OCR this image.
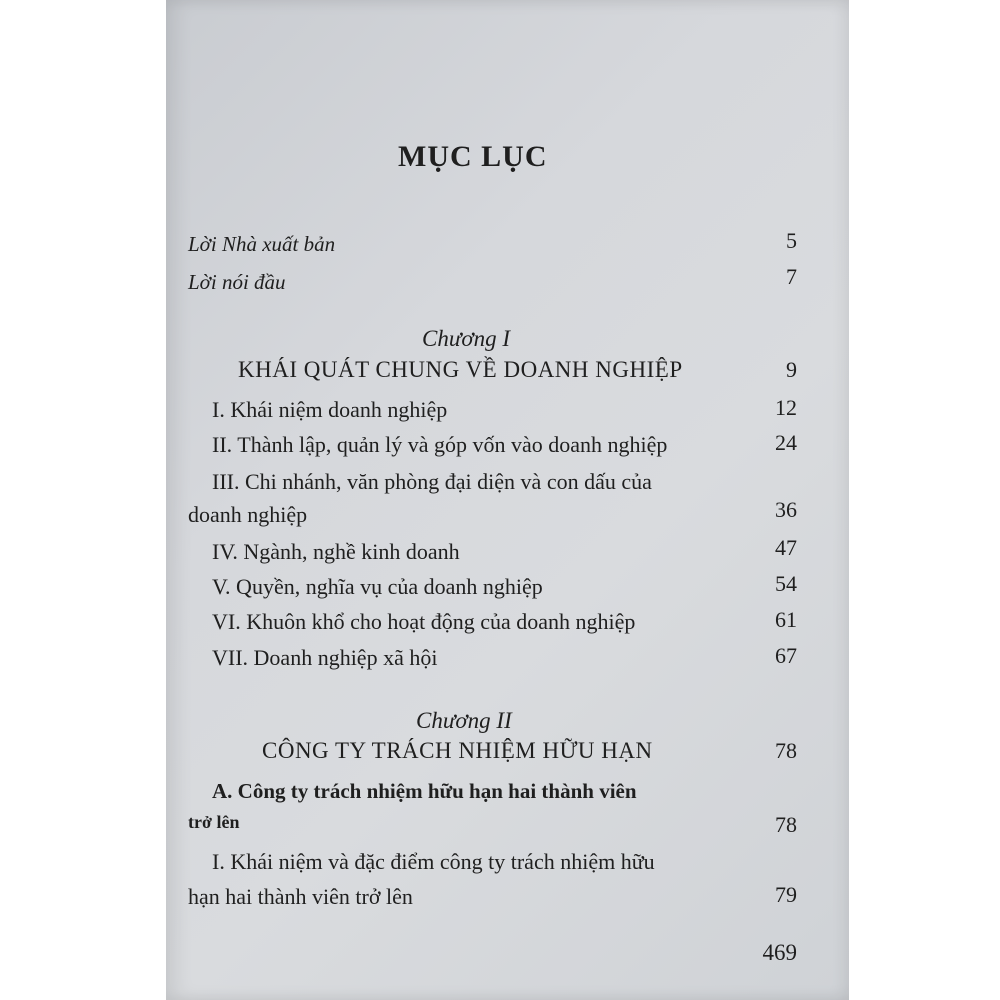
MỤC LỤC
Lời Nhà xuất bản	5
Lời nói đầu	7
Chương I
KHÁI QUÁT CHUNG VỀ DOANH NGHIỆP	9
I. Khái niệm doanh nghiệp	12
II. Thành lập, quản lý và góp vốn vào doanh nghiệp	24
III. Chi nhánh, văn phòng đại diện và con dấu của
doanh nghiệp	36
IV. Ngành, nghề kinh doanh	47
V. Quyền, nghĩa vụ của doanh nghiệp	54
VI. Khuôn khổ cho hoạt động của doanh nghiệp	61
VII. Doanh nghiệp xã hội	67
Chương II
CÔNG TY TRÁCH NHIỆM HỮU HẠN	78
A. Công ty trách nhiệm hữu hạn hai thành viên
trở lên	78
I. Khái niệm và đặc điểm công ty trách nhiệm hữu
hạn hai thành viên trở lên	79
469
